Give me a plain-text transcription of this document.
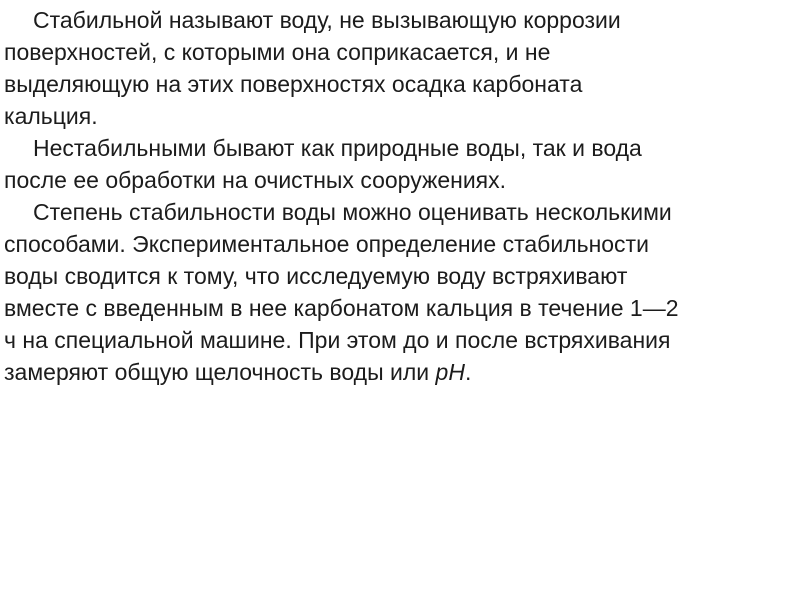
Стабильной называют воду, не вызывающую коррозии
поверхностей, с которыми она соприкасается, и не
выделяющую на этих поверхностях осадка карбоната
кальция.
Нестабильными бывают как природные воды, так и вода
после ее обработки на очистных сооружениях.
Степень стабильности воды можно оценивать несколькими
способами. Экспериментальное определение стабильности
воды сводится к тому, что исследуемую воду встряхивают
вместе с введенным в нее карбонатом кальция в течение 1—2
ч на специальной машине. При этом до и после встряхивания
замеряют общую щелочность воды или pH.
